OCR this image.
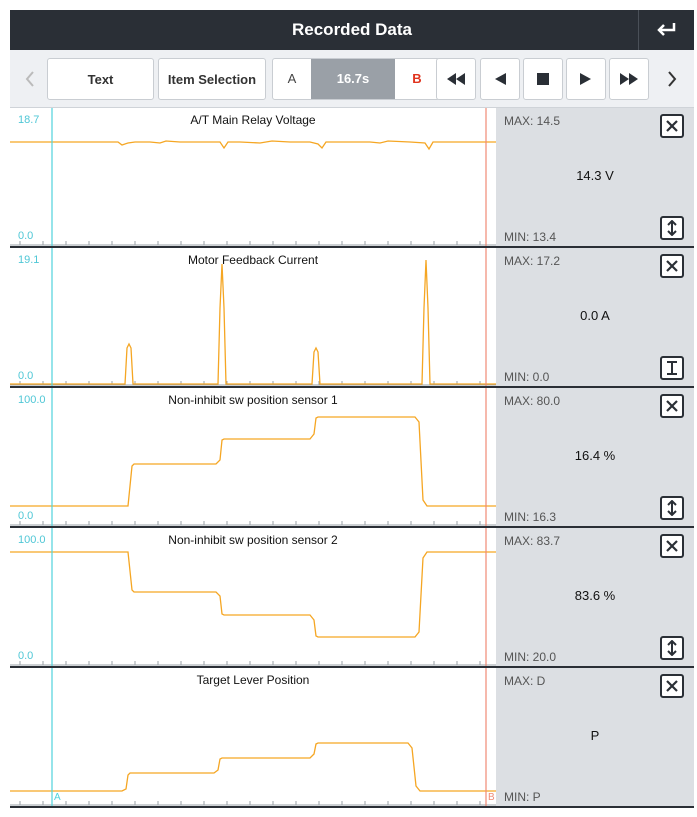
Recorded Data
Text	Item Selection	A	16.7s	B
18.7
0.0
A/T Main Relay Voltage	MAX: 14.5
14.3 V
MIN: 13.4
19.1
0.0
Motor Feedback Current	MAX: 17.2
0.0 A
MIN: 0.0
100.0
0.0
Non-inhibit sw position sensor 1	MAX: 80.0
16.4 %
MIN: 16.3
100.0
0.0
Non-inhibit sw position sensor 2	MAX: 83.7
83.6 %
MIN: 20.0
Target Lever Position	MAX: D
P
MIN: P
A	B
